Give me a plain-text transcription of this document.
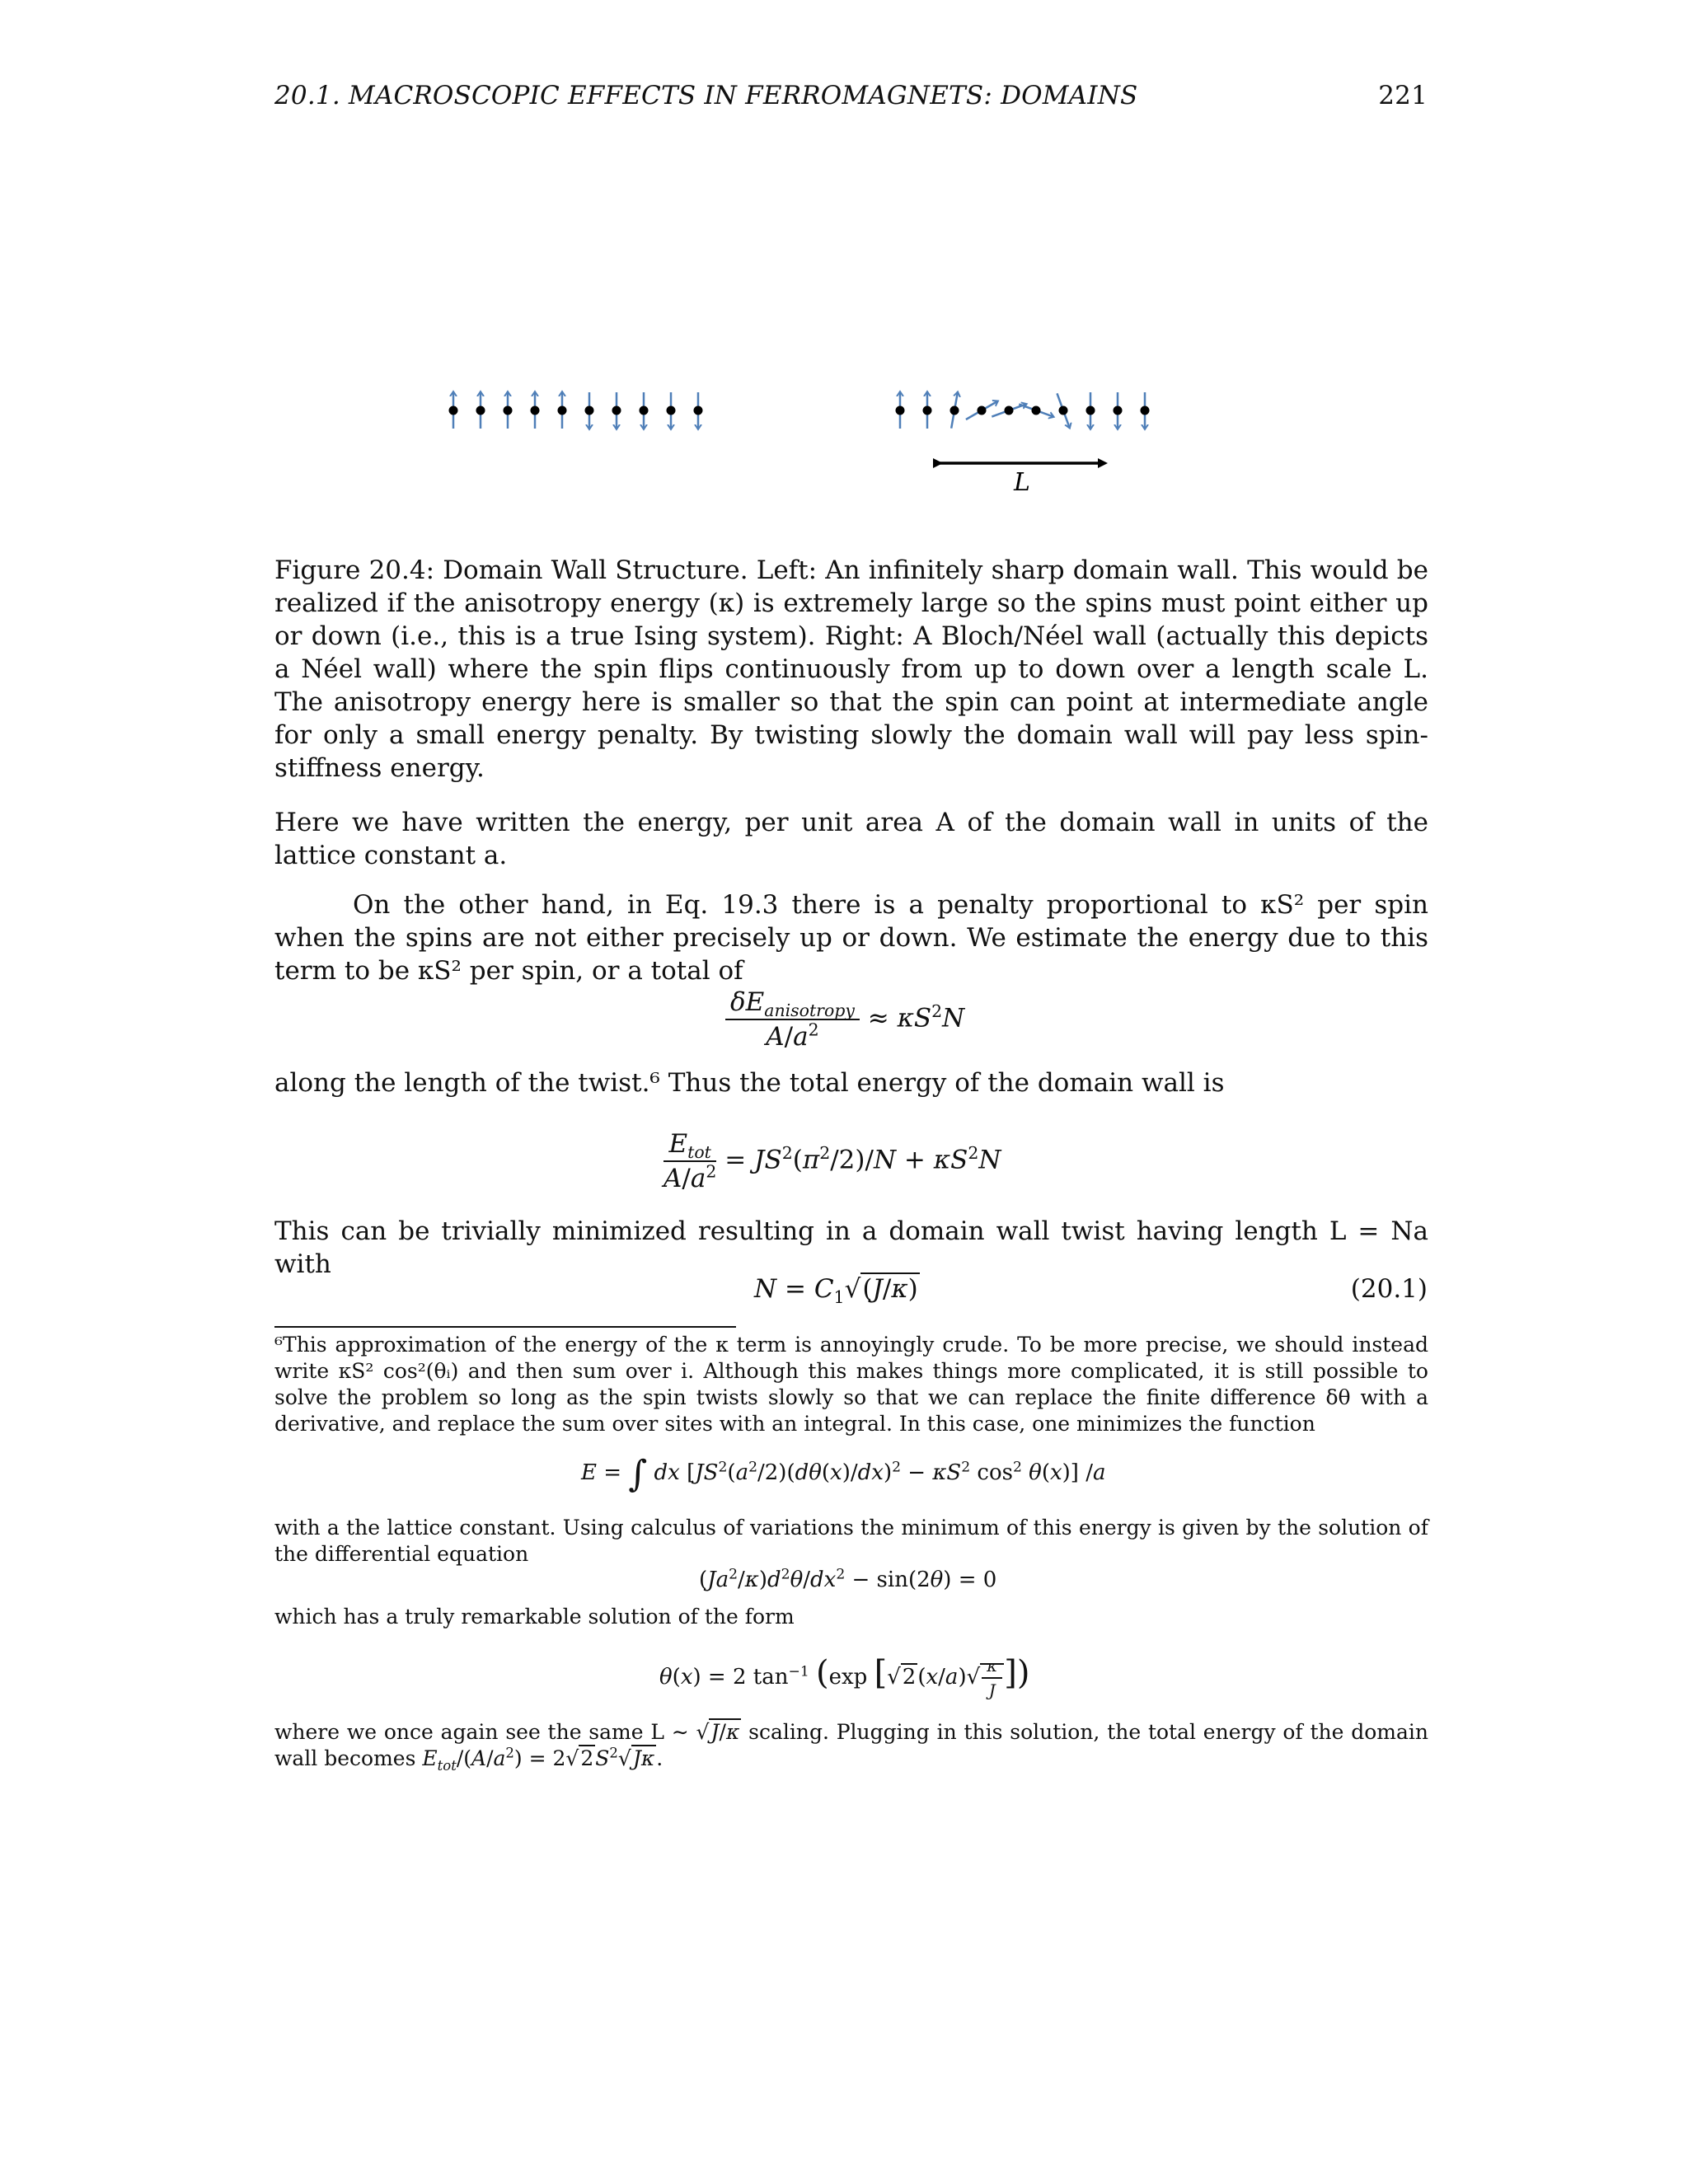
20.1. MACROSCOPIC EFFECTS IN FERROMAGNETS: DOMAINS	221
L
Figure 20.4: Domain Wall Structure. Left: An infinitely sharp domain wall. This would be realized if the anisotropy energy (κ) is extremely large so the spins must point either up or down (i.e., this is a true Ising system). Right: A Bloch/Néel wall (actually this depicts a Néel wall) where the spin flips continuously from up to down over a length scale L. The anisotropy energy here is smaller so that the spin can point at intermediate angle for only a small energy penalty. By twisting slowly the domain wall will pay less spin-stiffness energy.
Here we have written the energy, per unit area A of the domain wall in units of the lattice constant a.
On the other hand, in Eq. 19.3 there is a penalty proportional to κS² per spin when the spins are not either precisely up or down. We estimate the energy due to this term to be κS² per spin, or a total of
$\frac{\delta E_{anisotropy}}{A/a^2} \approx \kappa S^2N$
along the length of the twist.⁶ Thus the total energy of the domain wall is
$\frac{E_{tot}}{A/a^2} = JS^2(\pi^2/2)/N + \kappa S^2N$
This can be trivially minimized resulting in a domain wall twist having length L = Na with
$N = C_1√(J/\kappa)$	(20.1)
⁶This approximation of the energy of the κ term is annoyingly crude. To be more precise, we should instead write κS² cos²(θᵢ) and then sum over i. Although this makes things more complicated, it is still possible to solve the problem so long as the spin twists slowly so that we can replace the finite difference δθ with a derivative, and replace the sum over sites with an integral. In this case, one minimizes the function
E = ∫ dx [$JS^2(a^2/2)(d\theta(x)/dx)^2 - \kappa S^2$ $\cos^2 \theta(x)$] /a
with a the lattice constant. Using calculus of variations the minimum of this energy is given by the solution of the differential equation
$(Ja^2/\kappa)d^2\theta/dx^2 - \sin(2\theta) = 0$
which has a truly remarkable solution of the form
θ(x) = 2 $\tan^{-1} (\exp$ [$√2(x/a)√ \frac{\kappa}{J}$ ])
where we once again see the same L ∼ √J/κ scaling. Plugging in this solution, the total energy of the domain wall becomes $E_{tot}/(A/a^2) = 2√2S^2√J\kappa$.
